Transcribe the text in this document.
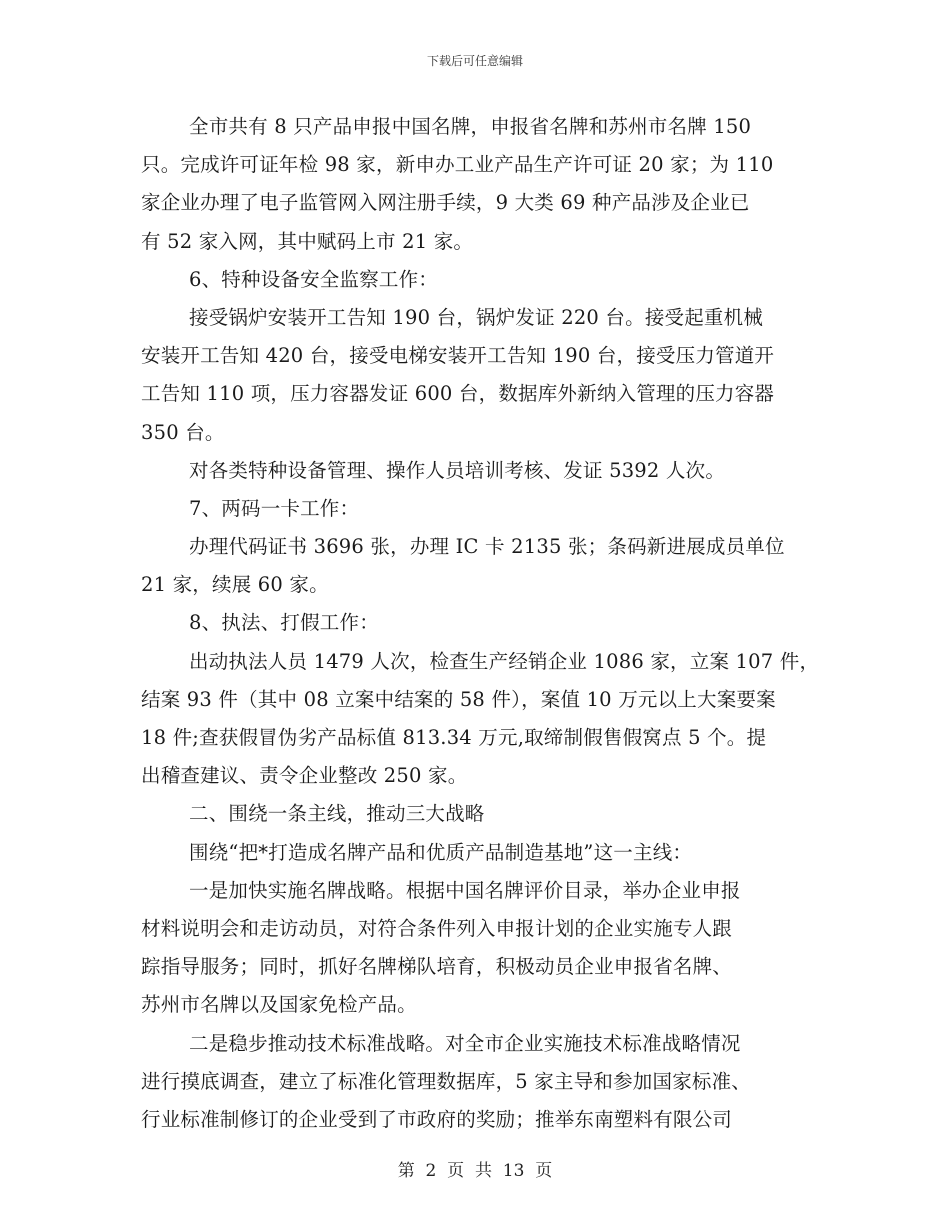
下载后可任意编辑
全市共有 8 只产品申报中国名牌，申报省名牌和苏州市名牌 150
只。完成许可证年检 98 家，新申办工业产品生产许可证 20 家；为 110
家企业办理了电子监管网入网注册手续，9 大类 69 种产品涉及企业已
有 52 家入网，其中赋码上市 21 家。
6、特种设备安全监察工作：
接受锅炉安装开工告知 190 台，锅炉发证 220 台。接受起重机械
安装开工告知 420 台，接受电梯安装开工告知 190 台，接受压力管道开
工告知 110 项，压力容器发证 600 台，数据库外新纳入管理的压力容器
350 台。
对各类特种设备管理、操作人员培训考核、发证 5392 人次。
7、两码一卡工作：
办理代码证书 3696 张，办理 IC 卡 2135 张；条码新进展成员单位
21 家，续展 60 家。
8、执法、打假工作：
出动执法人员 1479 人次，检查生产经销企业 1086 家，立案 107 件，
结案 93 件（其中 08 立案中结案的 58 件），案值 10 万元以上大案要案
18 件;查获假冒伪劣产品标值 813.34 万元,取缔制假售假窝点 5 个。提
出稽查建议、责令企业整改 250 家。
二、围绕一条主线，推动三大战略
围绕“把*打造成名牌产品和优质产品制造基地”这一主线：
一是加快实施名牌战略。根据中国名牌评价目录，举办企业申报
材料说明会和走访动员，对符合条件列入申报计划的企业实施专人跟
踪指导服务；同时，抓好名牌梯队培育，积极动员企业申报省名牌、
苏州市名牌以及国家免检产品。
二是稳步推动技术标准战略。对全市企业实施技术标准战略情况
进行摸底调查，建立了标准化管理数据库，5 家主导和参加国家标准、
行业标准制修订的企业受到了市政府的奖励；推举东南塑料有限公司
第  2  页  共  13  页
